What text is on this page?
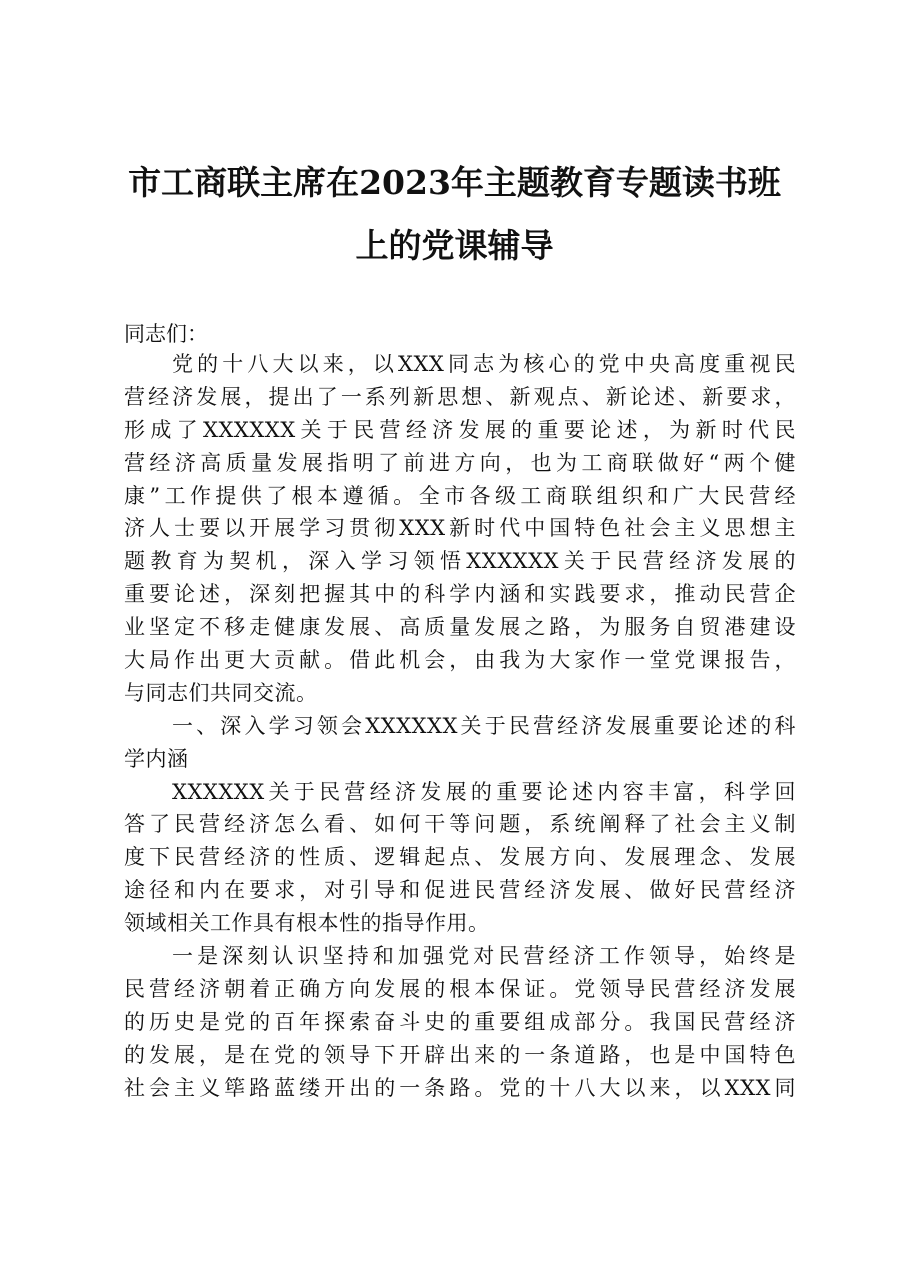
市工商联主席在2023年主题教育专题读书班
上的党课辅导
同志们：
党的十八大以来，以XXX同志为核心的党中央高度重视民
营经济发展，提出了一系列新思想、新观点、新论述、新要求，
形成了XXXXXX关于民营经济发展的重要论述，为新时代民
营经济高质量发展指明了前进方向，也为工商联做好“两个健
康”工作提供了根本遵循。全市各级工商联组织和广大民营经
济人士要以开展学习贯彻XXX新时代中国特色社会主义思想主
题教育为契机，深入学习领悟XXXXXX关于民营经济发展的
重要论述，深刻把握其中的科学内涵和实践要求，推动民营企
业坚定不移走健康发展、高质量发展之路，为服务自贸港建设
大局作出更大贡献。借此机会，由我为大家作一堂党课报告，
与同志们共同交流。
一、深入学习领会XXXXXX关于民营经济发展重要论述的科
学内涵
XXXXXX关于民营经济发展的重要论述内容丰富，科学回
答了民营经济怎么看、如何干等问题，系统阐释了社会主义制
度下民营经济的性质、逻辑起点、发展方向、发展理念、发展
途径和内在要求，对引导和促进民营经济发展、做好民营经济
领域相关工作具有根本性的指导作用。
一是深刻认识坚持和加强党对民营经济工作领导，始终是
民营经济朝着正确方向发展的根本保证。党领导民营经济发展
的历史是党的百年探索奋斗史的重要组成部分。我国民营经济
的发展，是在党的领导下开辟出来的一条道路，也是中国特色
社会主义筚路蓝缕开出的一条路。党的十八大以来，以XXX同
